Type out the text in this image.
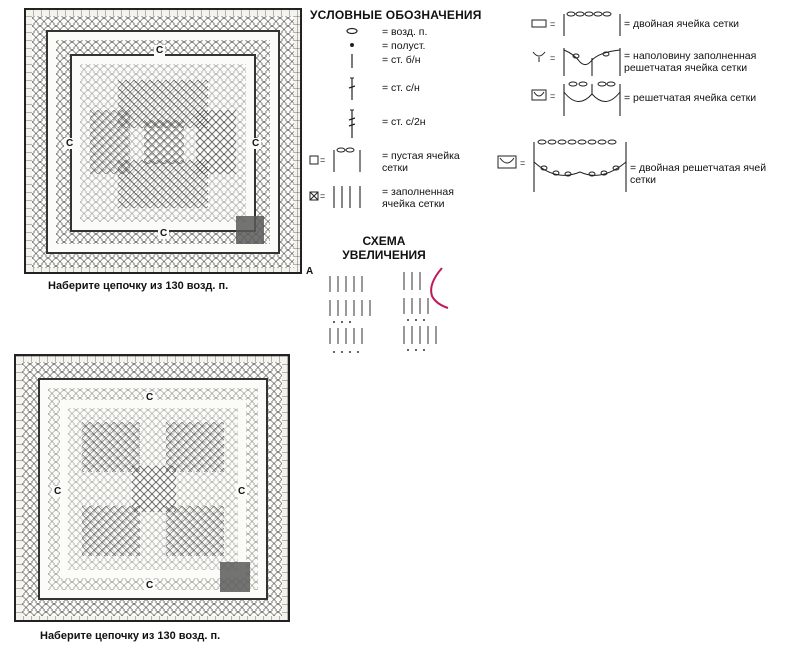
C
C	C
C
A
Наберите цепочку из 130 возд. п.
C
C	C
C
Наберите цепочку из 130 возд. п.
УСЛОВНЫЕ ОБОЗНАЧЕНИЯ
= возд. п.
= полуст.
= ст. б/н
= ст. с/н
= ст. с/2н
=	= пустая ячейка
сетки
=	= заполненная
ячейка сетки
=	= двойная ячейка сетки
=	= наполовину заполненная
решетчатая ячейка сетки
=	= решетчатая ячейка сетки
=	= двойная решетчатая ячей
сетки
СХЕМА
УВЕЛИЧЕНИЯ
